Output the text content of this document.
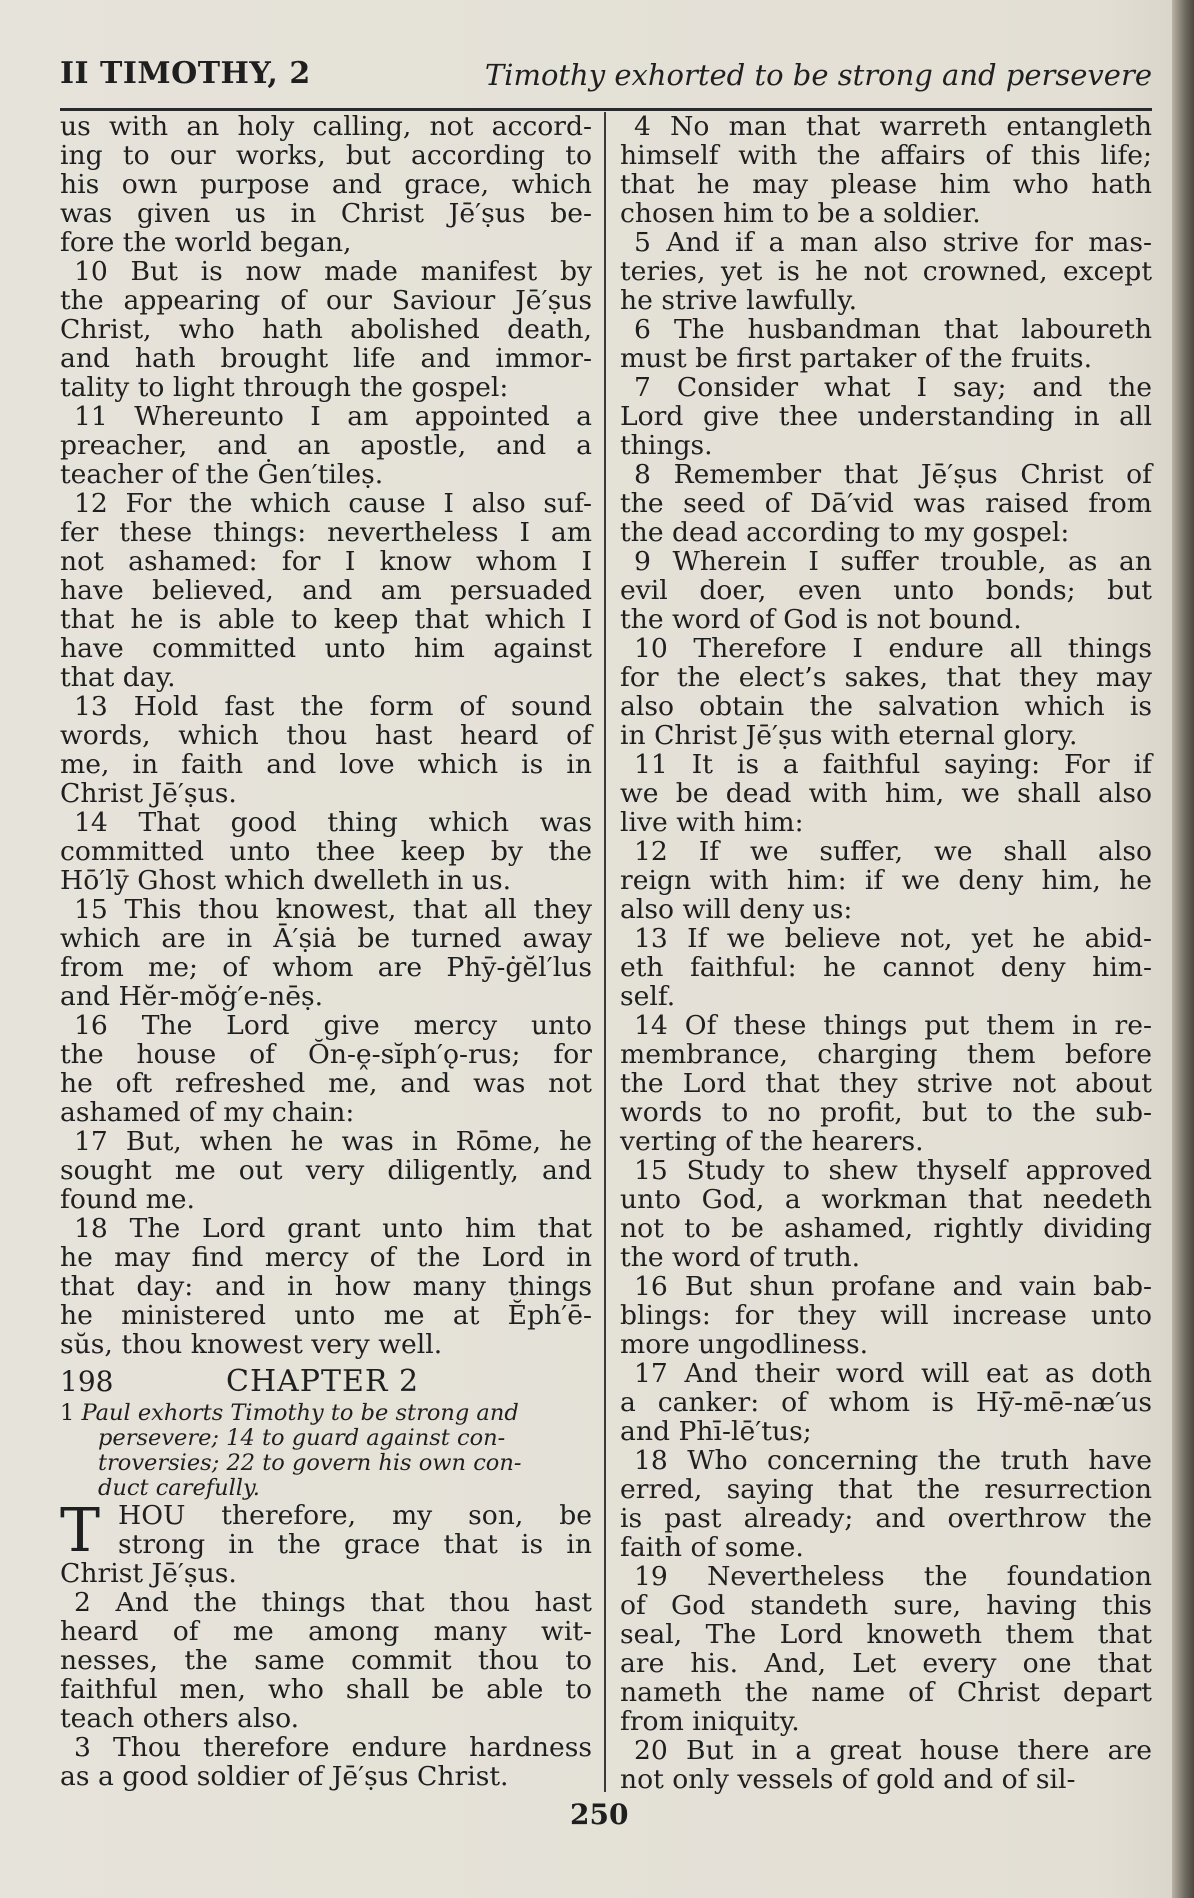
II TIMOTHY, 2	Timothy exhorted to be strong and persevere
us with an holy calling, not accord-
ing to our works, but according to
his own purpose and grace, which
was given us in Christ Jē′ṣus be-
fore the world began,
10 But is now made manifest by
the appearing of our Saviour Jē′ṣus
Christ, who hath abolished death,
and hath brought life and immor-
tality to light through the gospel:
11 Whereunto I am appointed a
preacher, and an apostle, and a
teacher of the Ġen′tileṣ.
12 For the which cause I also suf-
fer these things: nevertheless I am
not ashamed: for I know whom I
have believed, and am persuaded
that he is able to keep that which I
have committed unto him against
that day.
13 Hold fast the form of sound
words, which thou hast heard of
me, in faith and love which is in
Christ Jē′ṣus.
14 That good thing which was
committed unto thee keep by the
Hō′lȳ Ghost which dwelleth in us.
15 This thou knowest, that all they
which are in Ā′ṣiȧ be turned away
from me; of whom are Phȳ-ġĕl′lus
and Hĕr-mŏġ′e-nēṣ.
16 The Lord give mercy unto
the house of Ŏn-ḙ-sĭph′ǫ-rus; for
he oft refreshed me, and was not
ashamed of my chain:
17 But, when he was in Rōme, he
sought me out very diligently, and
found me.
18 The Lord grant unto him that
he may find mercy of the Lord in
that day: and in how many things
he ministered unto me at Ĕph′ē-
sŭs, thou knowest very well.
198	CHAPTER 2
1 Paul exhorts Timothy to be strong and
persevere; 14 to guard against con-
troversies; 22 to govern his own con-
duct carefully.
T HOU therefore, my son, be
strong in the grace that is in
Christ Jē′ṣus.
2 And the things that thou hast
heard of me among many wit-
nesses, the same commit thou to
faithful men, who shall be able to
teach others also.
3 Thou therefore endure hardness
as a good soldier of Jē′ṣus Christ.
4 No man that warreth entangleth
himself with the affairs of this life;
that he may please him who hath
chosen him to be a soldier.
5 And if a man also strive for mas-
teries, yet is he not crowned, except
he strive lawfully.
6 The husbandman that laboureth
must be first partaker of the fruits.
7 Consider what I say; and the
Lord give thee understanding in all
things.
8 Remember that Jē′ṣus Christ of
the seed of Dā′vid was raised from
the dead according to my gospel:
9 Wherein I suffer trouble, as an
evil doer, even unto bonds; but
the word of God is not bound.
10 Therefore I endure all things
for the elect’s sakes, that they may
also obtain the salvation which is
in Christ Jē′ṣus with eternal glory.
11 It is a faithful saying: For if
we be dead with him, we shall also
live with him:
12 If we suffer, we shall also
reign with him: if we deny him, he
also will deny us:
13 If we believe not, yet he abid-
eth faithful: he cannot deny him-
self.
14 Of these things put them in re-
membrance, charging them before
the Lord that they strive not about
words to no profit, but to the sub-
verting of the hearers.
15 Study to shew thyself approved
unto God, a workman that needeth
not to be ashamed, rightly dividing
the word of truth.
16 But shun profane and vain bab-
blings: for they will increase unto
more ungodliness.
17 And their word will eat as doth
a canker: of whom is Hȳ-mē-næ′us
and Phī-lē′tus;
18 Who concerning the truth have
erred, saying that the resurrection
is past already; and overthrow the
faith of some.
19 Nevertheless the foundation
of God standeth sure, having this
seal, The Lord knoweth them that
are his. And, Let every one that
nameth the name of Christ depart
from iniquity.
20 But in a great house there are
not only vessels of gold and of sil-
250
